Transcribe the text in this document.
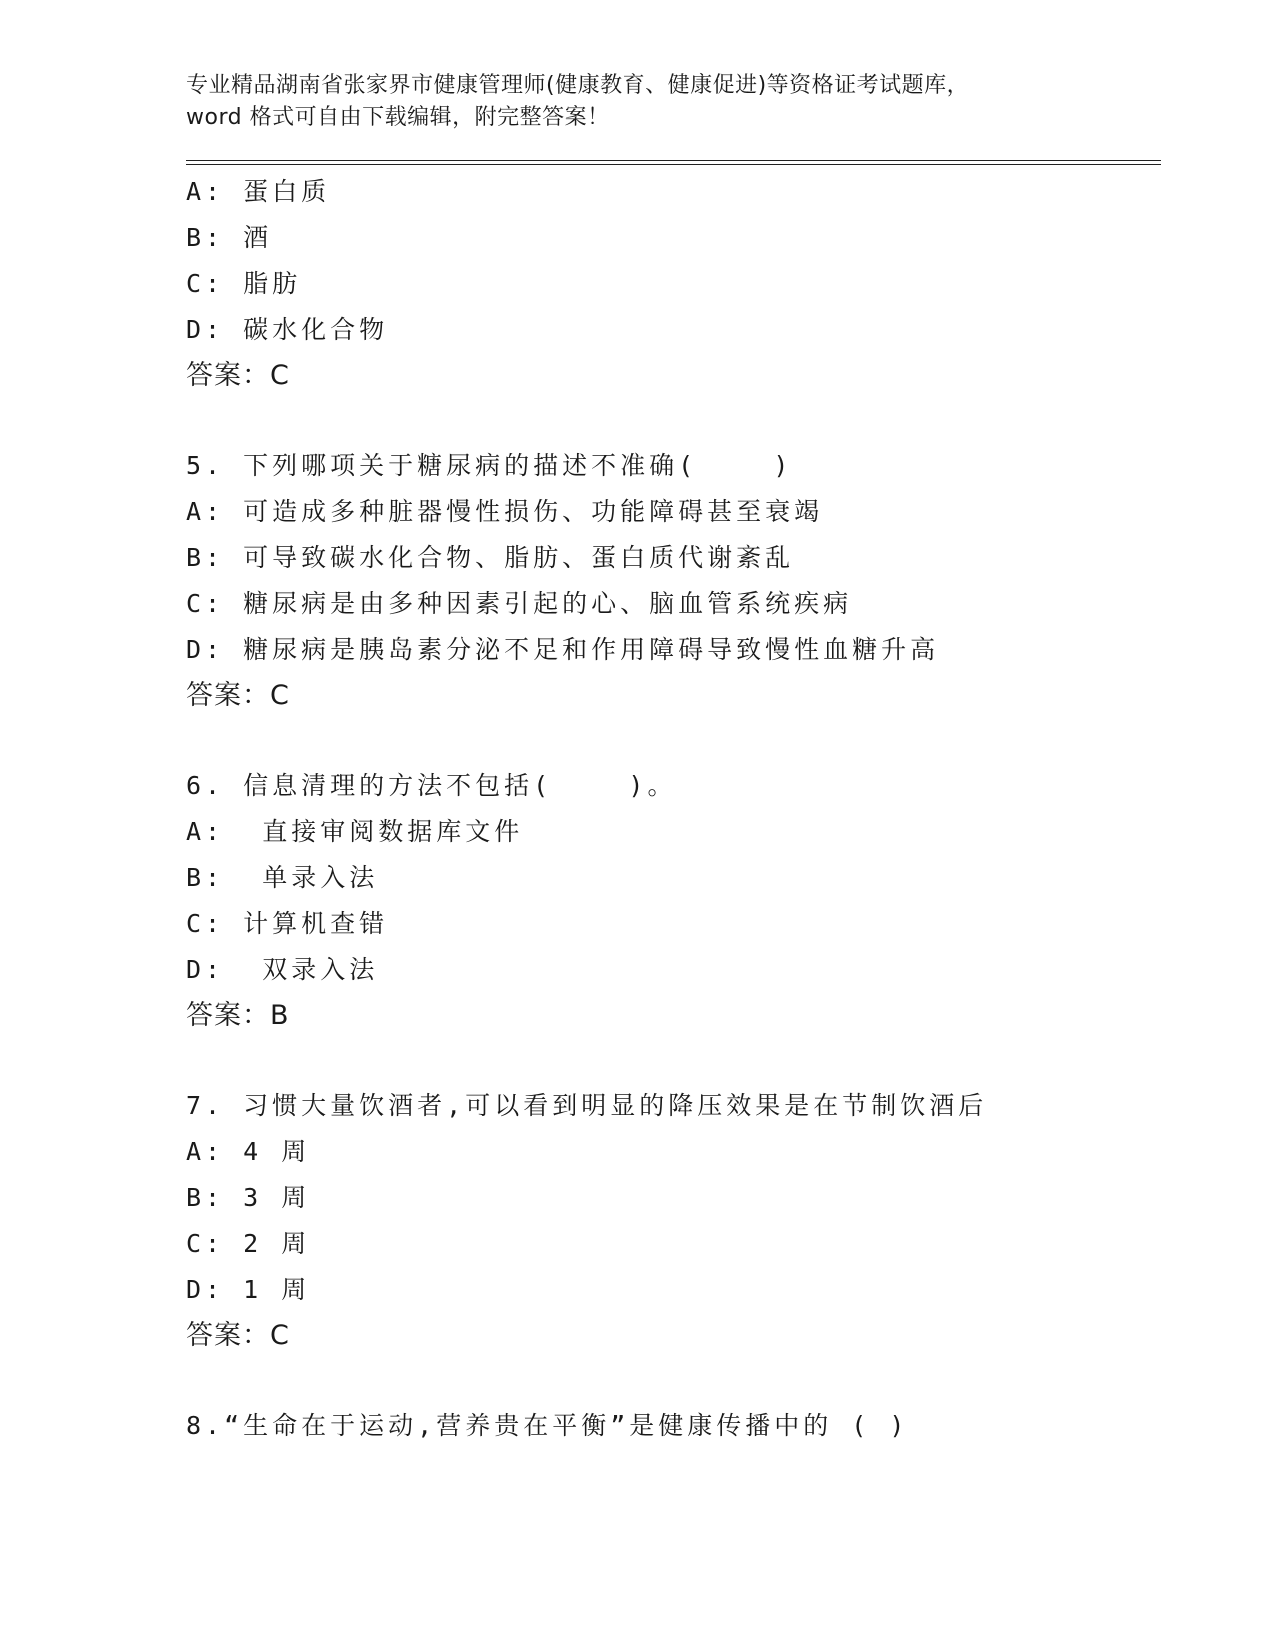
专业精品湖南省张家界市健康管理师(健康教育、健康促进)等资格证考试题库，
word 格式可自由下载编辑，附完整答案！
A: 蛋白质
B: 酒
C: 脂肪
D: 碳水化合物
答案：C
5. 下列哪项关于糖尿病的描述不准确(    )
A: 可造成多种脏器慢性损伤、功能障碍甚至衰竭
B: 可导致碳水化合物、脂肪、蛋白质代谢紊乱
C: 糖尿病是由多种因素引起的心、脑血管系统疾病
D: 糖尿病是胰岛素分泌不足和作用障碍导致慢性血糖升高
答案：C
6. 信息清理的方法不包括(    )。
A:  直接审阅数据库文件
B:  单录入法
C: 计算机查错
D:  双录入法
答案：B
7. 习惯大量饮酒者,可以看到明显的降压效果是在节制饮酒后
A: 4 周
B: 3 周
C: 2 周
D: 1 周
答案：C
8.“生命在于运动,营养贵在平衡”是健康传播中的 ( )
